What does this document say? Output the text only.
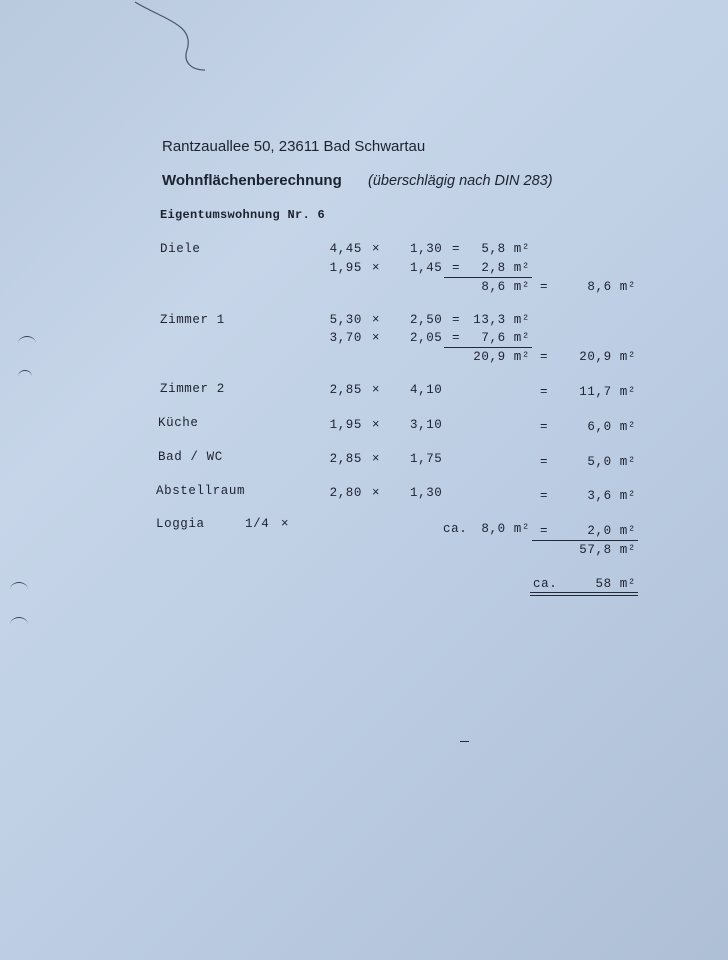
Rantzauallee 50, 23611 Bad Schwartau
Wohnflächenberechnung (überschlägig nach DIN 283)
Eigentumswohnung Nr. 6
Diele	4,45 × 1,30 =	5,8 m²
1,95 × 1,45 =	2,8 m²
8,6 m² =	8,6 m²
Zimmer 1	5,30 × 2,50 =	13,3 m²
3,70 × 2,05 =	7,6 m²
20,9 m² =	20,9 m²
Zimmer 2	2,85 × 4,10	=	11,7 m²
Küche	1,95 × 3,10	=	6,0 m²
Bad / WC	2,85 × 1,75	=	5,0 m²
Abstellraum	2,80 × 1,30	=	3,6 m²
Loggia	1/4 ×	ca.	8,0 m² =	2,0 m²
57,8 m²
ca.	58 m²
